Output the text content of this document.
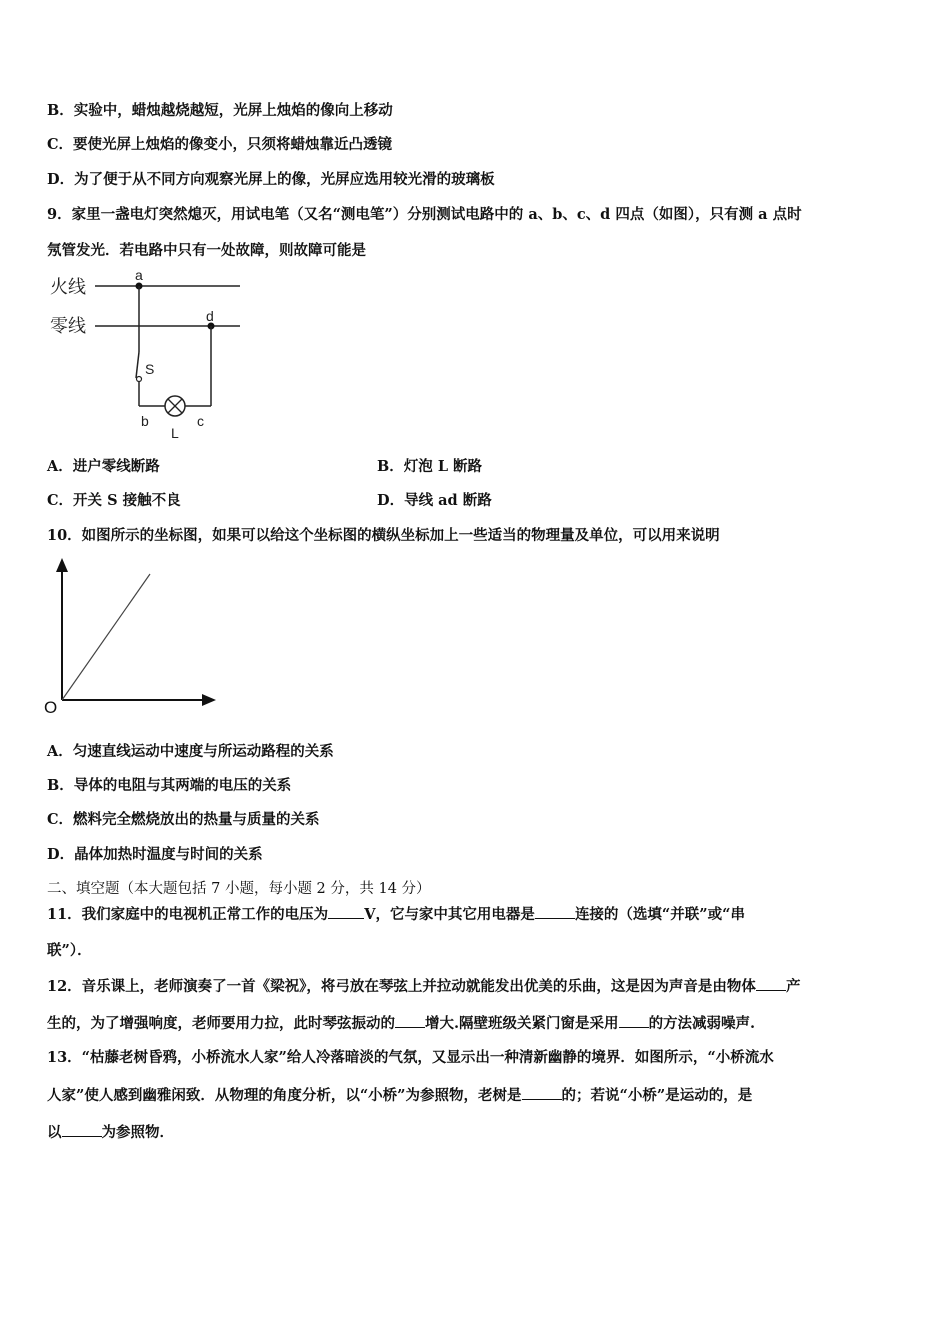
B．实验中，蜡烛越烧越短，光屏上烛焰的像向上移动
C．要使光屏上烛焰的像变小，只须将蜡烛靠近凸透镜
D．为了便于从不同方向观察光屏上的像，光屏应选用较光滑的玻璃板
9．家里一盏电灯突然熄灭，用试电笔（又名“测电笔”）分别测试电路中的 a、b、c、d 四点（如图），只有测 a 点时
氖管发光．若电路中只有一处故障，则故障可能是
火线
零线
a
d
S
b	c
L
A．进户零线断路	B．灯泡 L 断路
C．开关 S 接触不良	D．导线 ad 断路
10．如图所示的坐标图，如果可以给这个坐标图的横纵坐标加上一些适当的物理量及单位，可以用来说明
O
A．匀速直线运动中速度与所运动路程的关系
B．导体的电阻与其两端的电压的关系
C．燃料完全燃烧放出的热量与质量的关系
D．晶体加热时温度与时间的关系
二、填空题（本大题包括 7 小题，每小题 2 分，共 14 分）
11．我们家庭中的电视机正常工作的电压为 V，它与家中其它用电器是	连接的（选填“并联”或“串
联”）．
12．音乐课上，老师演奏了一首《梁祝》，将弓放在琴弦上并拉动就能发出优美的乐曲，这是因为声音是由物体 产
生的，为了增强响度，老师要用力拉，此时琴弦振动的 增大.隔壁班级关紧门窗是采用 的方法减弱噪声.
13．“枯藤老树昏鸦，小桥流水人家”给人冷落暗淡的气氛，又显示出一种清新幽静的境界．如图所示，“小桥流水
人家”使人感到幽雅闲致．从物理的角度分析，以“小桥”为参照物，老树是	的；若说“小桥”是运动的，是
以	为参照物．
